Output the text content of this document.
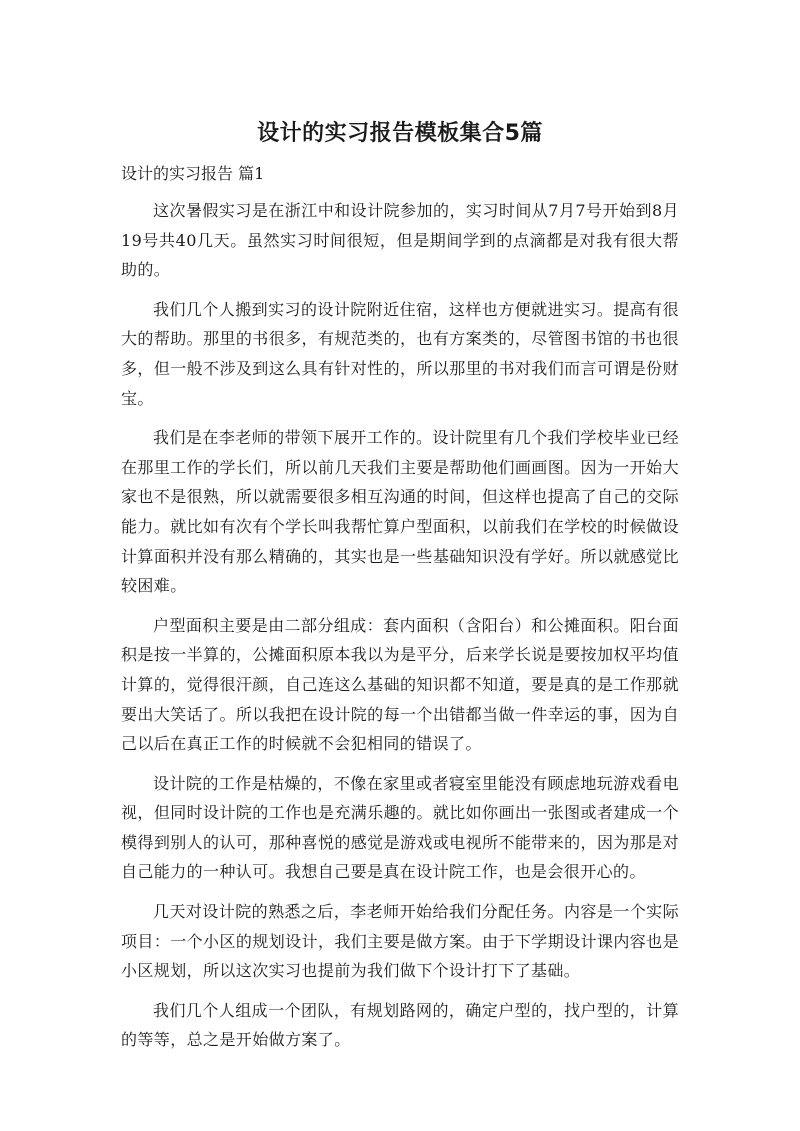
设计的实习报告模板集合5篇

设计的实习报告 篇1

这次暑假实习是在浙江中和设计院参加的，实习时间从7月7号开始到8月19号共40几天。虽然实习时间很短，但是期间学到的点滴都是对我有很大帮助的。

我们几个人搬到实习的设计院附近住宿，这样也方便就进实习。提高有很大的帮助。那里的书很多，有规范类的，也有方案类的，尽管图书馆的书也很多，但一般不涉及到这么具有针对性的，所以那里的书对我们而言可谓是份财宝。

我们是在李老师的带领下展开工作的。设计院里有几个我们学校毕业已经在那里工作的学长们，所以前几天我们主要是帮助他们画画图。因为一开始大家也不是很熟，所以就需要很多相互沟通的时间，但这样也提高了自己的交际能力。就比如有次有个学长叫我帮忙算户型面积，以前我们在学校的时候做设计算面积并没有那么精确的，其实也是一些基础知识没有学好。所以就感觉比较困难。

户型面积主要是由二部分组成：套内面积（含阳台）和公摊面积。阳台面积是按一半算的，公摊面积原本我以为是平分，后来学长说是要按加权平均值计算的，觉得很汗颜，自己连这么基础的知识都不知道，要是真的是工作那就要出大笑话了。所以我把在设计院的每一个出错都当做一件幸运的事，因为自己以后在真正工作的时候就不会犯相同的错误了。

设计院的工作是枯燥的，不像在家里或者寝室里能没有顾虑地玩游戏看电视，但同时设计院的工作也是充满乐趣的。就比如你画出一张图或者建成一个模得到别人的认可，那种喜悦的感觉是游戏或电视所不能带来的，因为那是对自己能力的一种认可。我想自己要是真在设计院工作，也是会很开心的。

几天对设计院的熟悉之后，李老师开始给我们分配任务。内容是一个实际项目：一个小区的规划设计，我们主要是做方案。由于下学期设计课内容也是小区规划，所以这次实习也提前为我们做下个设计打下了基础。

我们几个人组成一个团队，有规划路网的，确定户型的，找户型的，计算的等等，总之是开始做方案了。
